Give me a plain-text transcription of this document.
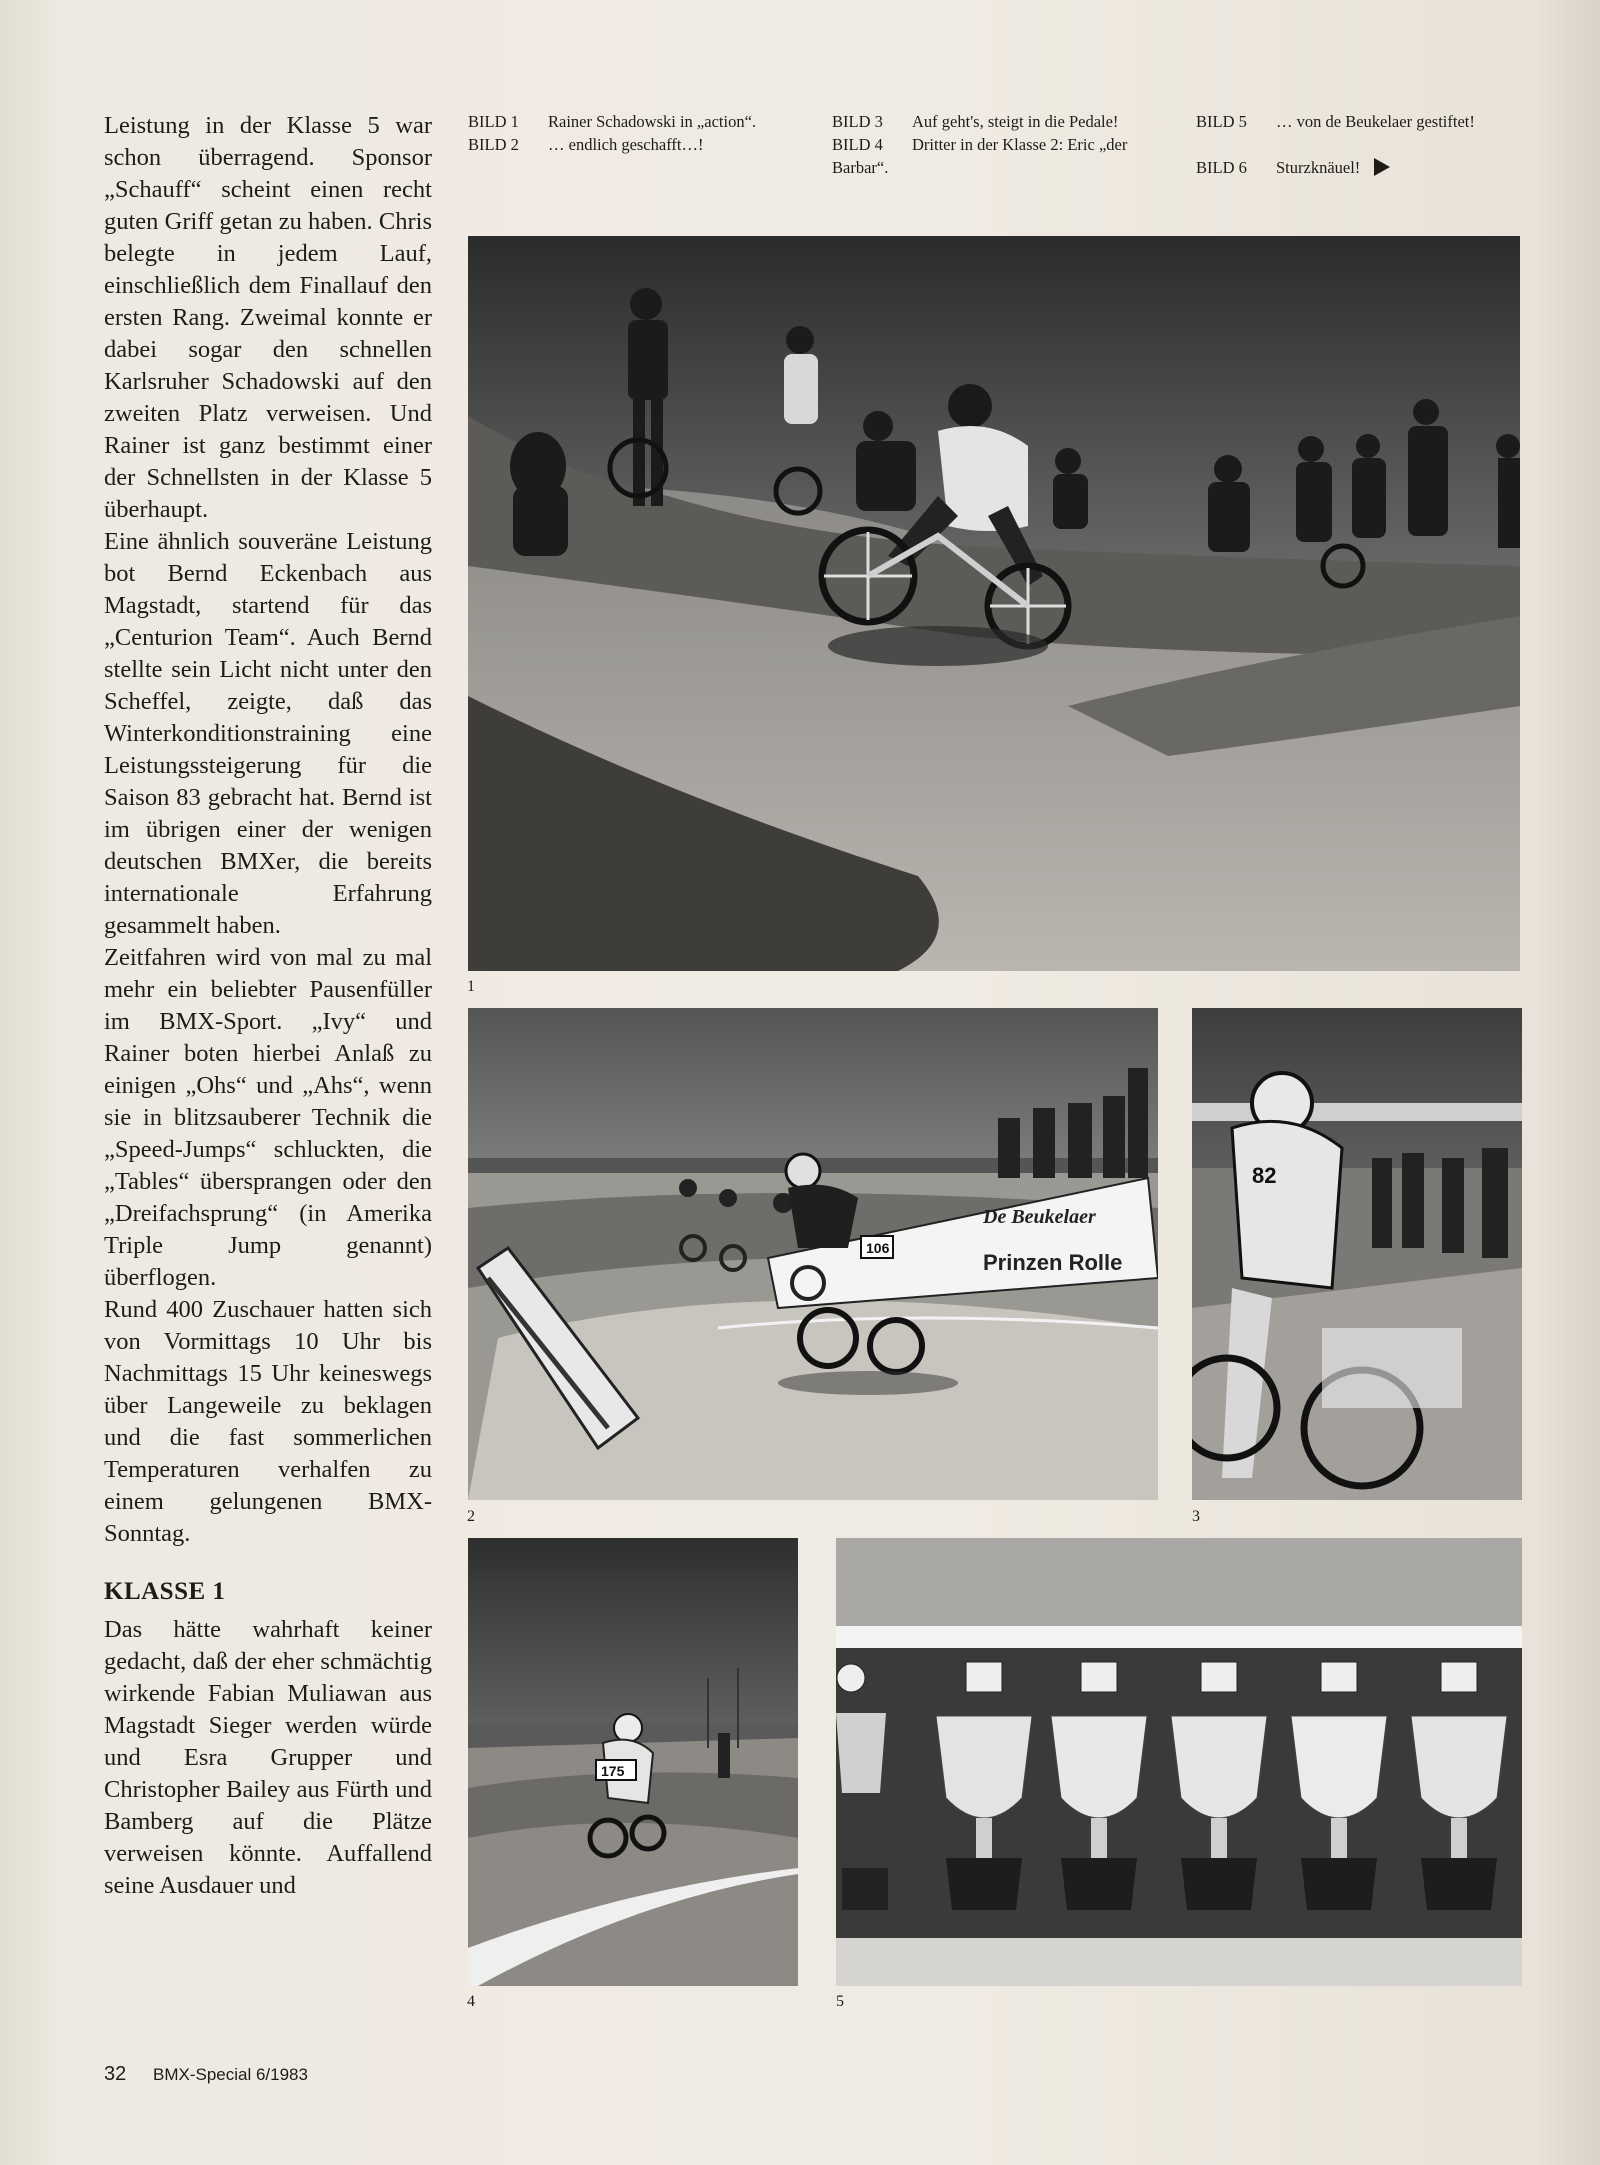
Leistung in der Klasse 5 war schon überragend. Sponsor „Schauff“ scheint einen recht guten Griff getan zu haben. Chris belegte in jedem Lauf, einschließlich dem Finallauf den ersten Rang. Zweimal konnte er dabei sogar den schnellen Karlsruher Schadowski auf den zweiten Platz verweisen. Und Rainer ist ganz bestimmt einer der Schnellsten in der Klasse 5 überhaupt.

Eine ähnlich souveräne Leistung bot Bernd Eckenbach aus Magstadt, startend für das „Centurion Team“. Auch Bernd stellte sein Licht nicht unter den Scheffel, zeigte, daß das Winterkonditionstraining eine Leistungssteigerung für die Saison 83 gebracht hat. Bernd ist im übrigen einer der wenigen deutschen BMXer, die bereits internationale Erfahrung gesammelt haben.

Zeitfahren wird von mal zu mal mehr ein beliebter Pausenfüller im BMX-Sport. „Ivy“ und Rainer boten hierbei Anlaß zu einigen „Ohs“ und „Ahs“, wenn sie in blitzsauberer Technik die „Speed-Jumps“ schluckten, die „Tables“ übersprangen oder den „Dreifachsprung“ (in Amerika Triple Jump genannt) überflogen.

Rund 400 Zuschauer hatten sich von Vormittags 10 Uhr bis Nachmittags 15 Uhr keineswegs über Langeweile zu beklagen und die fast sommerlichen Temperaturen verhalfen zu einem gelungenen BMX-Sonntag.

KLASSE 1

Das hätte wahrhaft keiner gedacht, daß der eher schmächtig wirkende Fabian Muliawan aus Magstadt Sieger werden würde und Esra Grupper und Christopher Bailey aus Fürth und Bamberg auf die Plätze verweisen könnte. Auffallend seine Ausdauer und

BILD 1 Rainer Schadowski in „action“.
BILD 2 … endlich geschafft…!
BILD 3 Auf geht's, steigt in die Pedale!
BILD 4 Dritter in der Klasse 2: Eric „der Barbar“.
BILD 5 … von de Beukelaer gestiftet!
BILD 6 Sturzknäuel!
1
De Beukelaer
Prinzen Rolle
106
2
82
3
175
4	5
32 BMX-Special 6/1983
